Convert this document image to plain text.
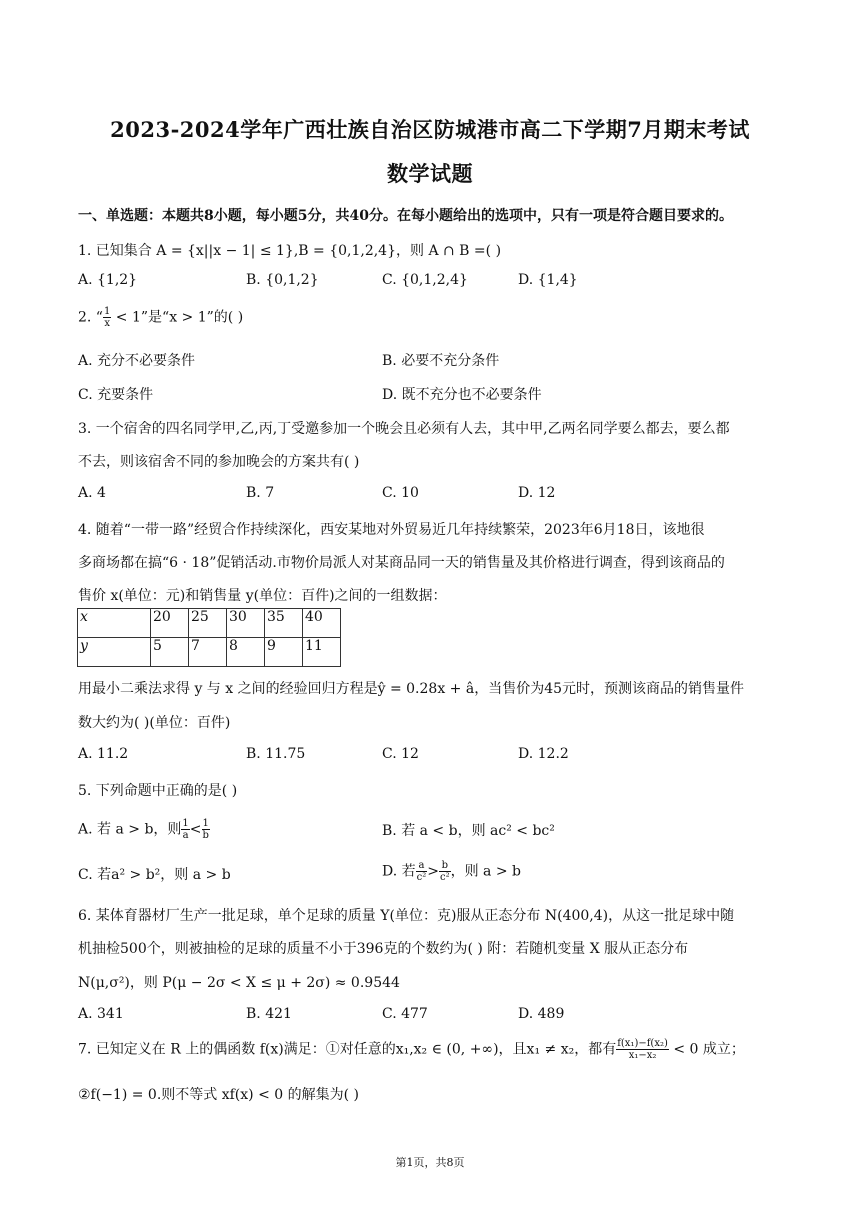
2023-2024学年广西壮族自治区防城港市高二下学期7月期末考试
数学试题
一、单选题：本题共8小题，每小题5分，共40分。在每小题给出的选项中，只有一项是符合题目要求的。
1. 已知集合 A = {x||x − 1| ≤ 1},B = {0,1,2,4}，则 A ∩ B =( )
A. {1,2}	B. {0,1,2}	C. {0,1,2,4}	D. {1,4}
2. “ $\frac{1}{x} < 1$”是“x > 1”的( )
A. 充分不必要条件	B. 必要不充分条件
C. 充要条件	D. 既不充分也不必要条件
3. 一个宿舍的四名同学甲,乙,丙,丁受邀参加一个晚会且必须有人去，其中甲,乙两名同学要么都去，要么都
不去，则该宿舍不同的参加晚会的方案共有( )
A. 4	B. 7	C. 10	D. 12
4. 随着“一带一路”经贸合作持续深化，西安某地对外贸易近几年持续繁荣，2023年6月18日，该地很
多商场都在搞“6 · 18”促销活动.市物价局派人对某商品同一天的销售量及其价格进行调查，得到该商品的
售价 x(单位：元)和销售量 y(单位：百件)之间的一组数据：
x	20	25	30	35	40
y	5	7	8	9	11
用最小二乘法求得 y 与 x 之间的经验回归方程是ŷ = 0.28x + â，当售价为45元时，预测该商品的销售量件
数大约为( )(单位：百件)
A. 11.2	B. 11.75	C. 12	D. 12.2
5. 下列命题中正确的是( )
A. 若 a > b，则 $\frac{1}{a} < \frac{1}{b}$	B. 若 a < b，则 ac² < bc²
C. 若a² > b²，则 a > b	D. 若 $\frac{a}{\text{c²}} > \frac{b}{\text{c²}}$ ，则 a > b
6. 某体育器材厂生产一批足球，单个足球的质量 Y(单位：克)服从正态分布 N(400,4)，从这一批足球中随
机抽检500个，则被抽检的足球的质量不小于396克的个数约为( ) 附：若随机变量 X 服从正态分布
N(μ,σ²)，则 P(μ − 2σ < X ≤ μ + 2σ) ≈ 0.9544
A. 341	B. 421	C. 477	D. 489
7. 已知定义在 R 上的偶函数 f(x)满足：①对任意的x₁,x₂ ∈ (0, +∞)，且x₁ ≠ x₂，都有 $\frac{\text{f(x₁)−f(x₂)}}{\text{x₁−x₂}} < 0$ 成立；
②f(−1) = 0.则不等式 xf(x) < 0 的解集为( )
第1页，共8页
